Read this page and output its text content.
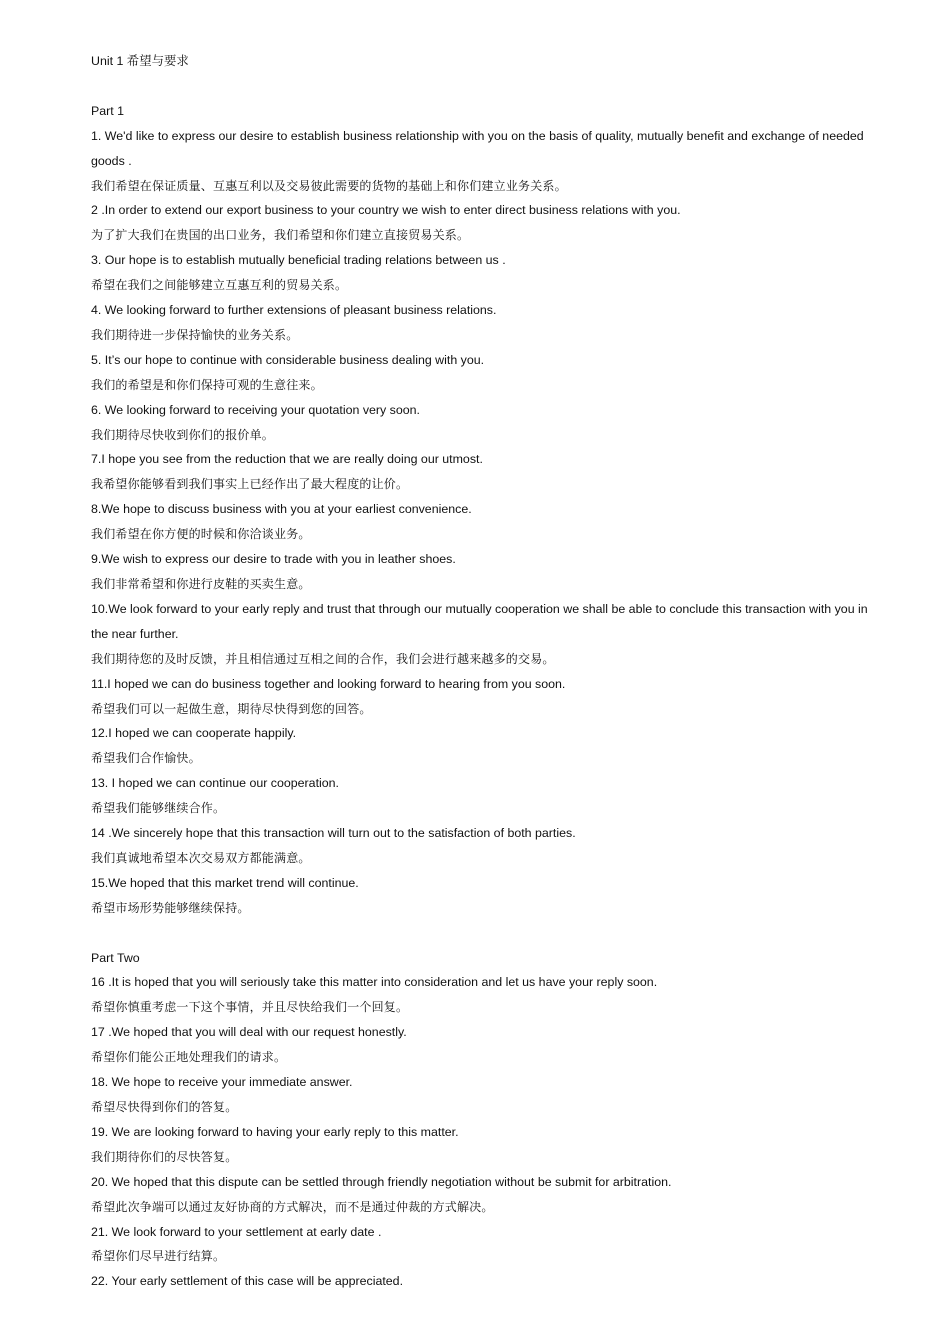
Unit 1 希望与要求
Part 1
1. We'd like to express our desire to establish business relationship with you on the basis of quality, mutually benefit and exchange of needed goods .
我们希望在保证质量、互惠互利以及交易彼此需要的货物的基础上和你们建立业务关系。
2 .In order to extend our export business to your country we wish to enter direct business relations with you.
为了扩大我们在贵国的出口业务，我们希望和你们建立直接贸易关系。
3. Our hope is to establish mutually beneficial trading relations between us .
希望在我们之间能够建立互惠互利的贸易关系。
4. We looking forward to further extensions of pleasant business relations.
我们期待进一步保持愉快的业务关系。
5. It’s our hope to continue with considerable business dealing with you.
我们的希望是和你们保持可观的生意往来。
6. We looking forward to receiving your quotation very soon.
我们期待尽快收到你们的报价单。
7.I hope you see from the reduction that we are really doing our utmost.
我希望你能够看到我们事实上已经作出了最大程度的让价。
8.We hope to discuss business with you at your earliest convenience.
我们希望在你方便的时候和你洽谈业务。
9.We wish to express our desire to trade with you in leather shoes.
我们非常希望和你进行皮鞋的买卖生意。
10.We look forward to your early reply and trust that through our mutually cooperation we shall be able to conclude this transaction with you in the near further.
我们期待您的及时反馈，并且相信通过互相之间的合作，我们会进行越来越多的交易。
11.I hoped we can do business together and looking forward to hearing from you soon.
希望我们可以一起做生意，期待尽快得到您的回答。
12.I hoped we can cooperate happily.
希望我们合作愉快。
13. I hoped we can continue our cooperation.
希望我们能够继续合作。
14 .We sincerely hope that this transaction will turn out to the satisfaction of both parties.
我们真诚地希望本次交易双方都能满意。
15.We hoped that this market trend will continue.
希望市场形势能够继续保持。
Part Two
16 .It is hoped that you will seriously take this matter into consideration and let us have your reply soon.
希望你慎重考虑一下这个事情，并且尽快给我们一个回复。
17 .We hoped that you will deal with our request honestly.
希望你们能公正地处理我们的请求。
18. We hope to receive your immediate answer.
希望尽快得到你们的答复。
19. We are looking forward to having your early reply to this matter.
我们期待你们的尽快答复。
20. We hoped that this dispute can be settled through friendly negotiation without be submit for arbitration.
希望此次争端可以通过友好协商的方式解决，而不是通过仲裁的方式解决。
21. We look forward to your settlement at early date .
希望你们尽早进行结算。
22. Your early settlement of this case will be appreciated.
